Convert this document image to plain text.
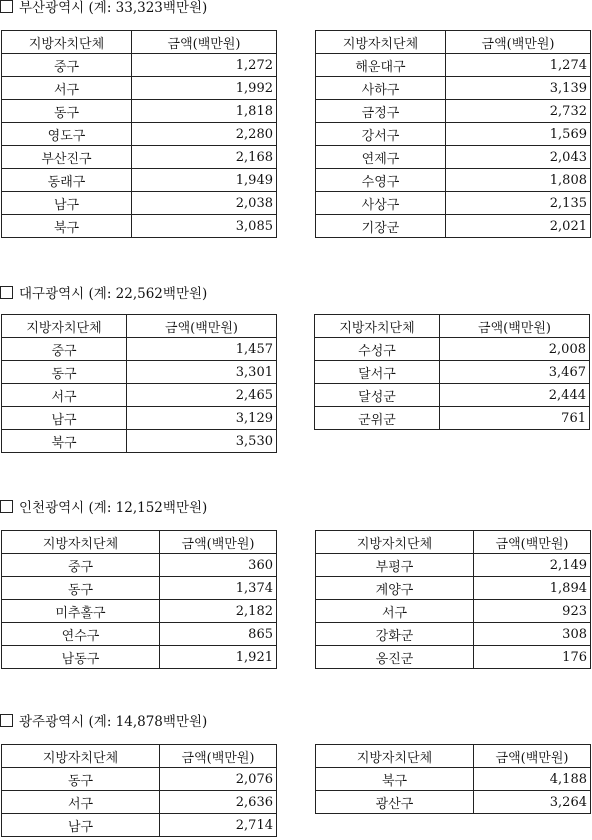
부산광역시 (계: 33,323백만원)
지방자치단체	금액(백만원)
중구	1,272
서구	1,992
동구	1,818
영도구	2,280
부산진구	2,168
동래구	1,949
남구	2,038
북구	3,085
지방자치단체	금액(백만원)
해운대구	1,274
사하구	3,139
금정구	2,732
강서구	1,569
연제구	2,043
수영구	1,808
사상구	2,135
기장군	2,021
대구광역시 (계: 22,562백만원)
지방자치단체	금액(백만원)
중구	1,457
동구	3,301
서구	2,465
남구	3,129
북구	3,530
지방자치단체	금액(백만원)
수성구	2,008
달서구	3,467
달성군	2,444
군위군	761
인천광역시 (계: 12,152백만원)
지방자치단체	금액(백만원)
중구	360
동구	1,374
미추홀구	2,182
연수구	865
남동구	1,921
지방자치단체	금액(백만원)
부평구	2,149
계양구	1,894
서구	923
강화군	308
옹진군	176
광주광역시 (계: 14,878백만원)
지방자치단체	금액(백만원)
동구	2,076
서구	2,636
남구	2,714
지방자치단체	금액(백만원)
북구	4,188
광산구	3,264
